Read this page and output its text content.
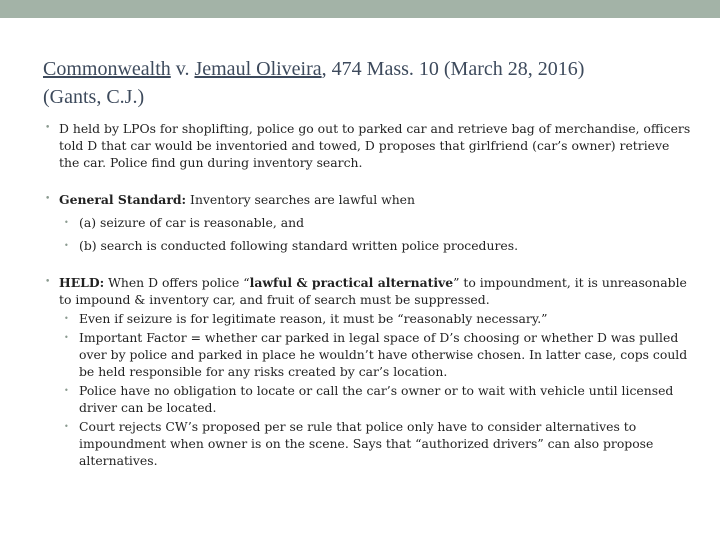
Commonwealth v. Jemaul Oliveira, 474 Mass. 10 (March 28, 2016)
(Gants, C.J.)
• D held by LPOs for shoplifting, police go out to parked car and retrieve bag of merchandise, officers told D that car would be inventoried and towed, D proposes that girlfriend (car’s owner) retrieve the car. Police find gun during inventory search.
• General Standard: Inventory searches are lawful when
• (a) seizure of car is reasonable, and
• (b) search is conducted following standard written police procedures.
• HELD: When D offers police “lawful & practical alternative” to impoundment, it is unreasonable to impound & inventory car, and fruit of search must be suppressed.
• Even if seizure is for legitimate reason, it must be “reasonably necessary.”
• Important Factor = whether car parked in legal space of D’s choosing or whether D was pulled over by police and parked in place he wouldn’t have otherwise chosen. In latter case, cops could be held responsible for any risks created by car’s location.
• Police have no obligation to locate or call the car’s owner or to wait with vehicle until licensed driver can be located.
• Court rejects CW’s proposed per se rule that police only have to consider alternatives to impoundment when owner is on the scene. Says that “authorized drivers” can also propose alternatives.
